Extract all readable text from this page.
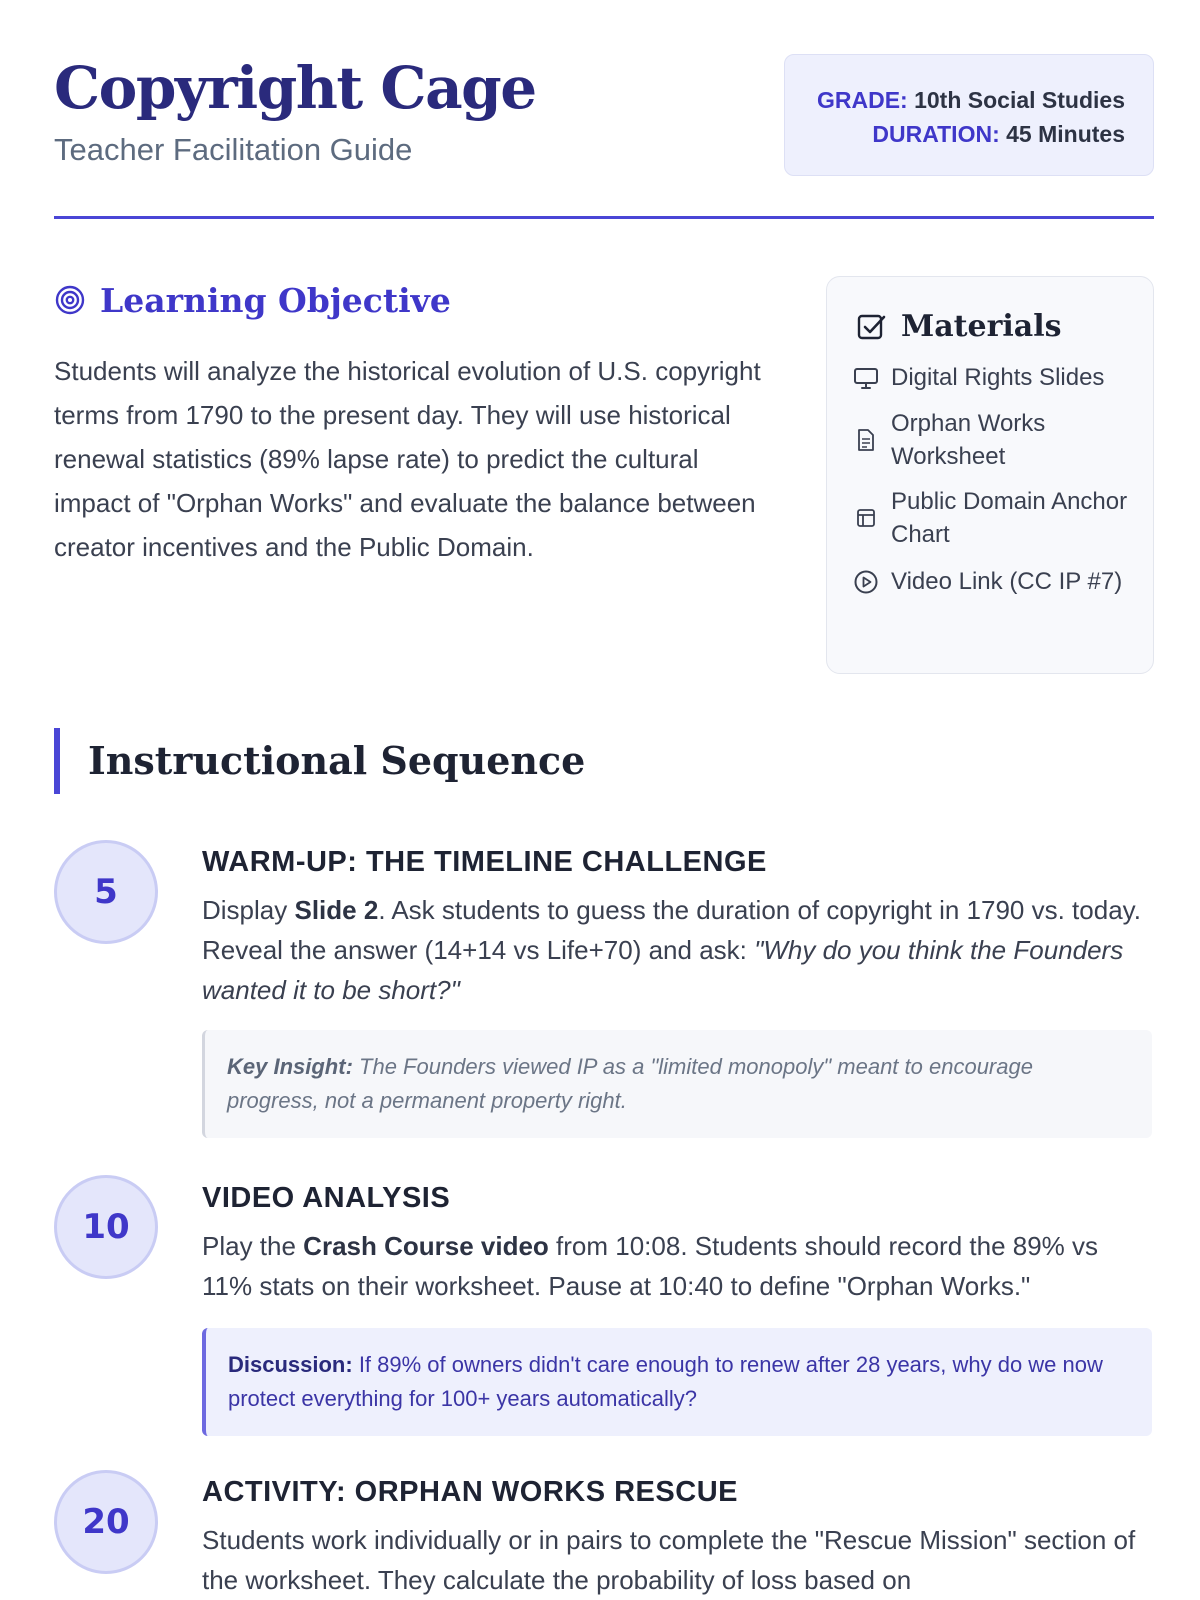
Copyright Cage
Teacher Facilitation Guide
GRADE: 10th Social Studies
DURATION: 45 Minutes
Learning Objective
Students will analyze the historical evolution of U.S. copyright terms from 1790 to the present day. They will use historical renewal statistics (89% lapse rate) to predict the cultural impact of "Orphan Works" and evaluate the balance between creator incentives and the Public Domain.
Materials
Digital Rights Slides
Orphan Works Worksheet
Public Domain Anchor Chart
Video Link (CC IP #7)
Instructional Sequence
5
WARM-UP: THE TIMELINE CHALLENGE
Display Slide 2. Ask students to guess the duration of copyright in 1790 vs. today. Reveal the answer (14+14 vs Life+70) and ask: "Why do you think the Founders wanted it to be short?"
Key Insight: The Founders viewed IP as a "limited monopoly" meant to encourage progress, not a permanent property right.
10
VIDEO ANALYSIS
Play the Crash Course video from 10:08. Students should record the 89% vs 11% stats on their worksheet. Pause at 10:40 to define "Orphan Works."
Discussion: If 89% of owners didn't care enough to renew after 28 years, why do we now protect everything for 100+ years automatically?
20
ACTIVITY: ORPHAN WORKS RESCUE
Students work individually or in pairs to complete the "Rescue Mission" section of the worksheet. They calculate the probability of loss based on
